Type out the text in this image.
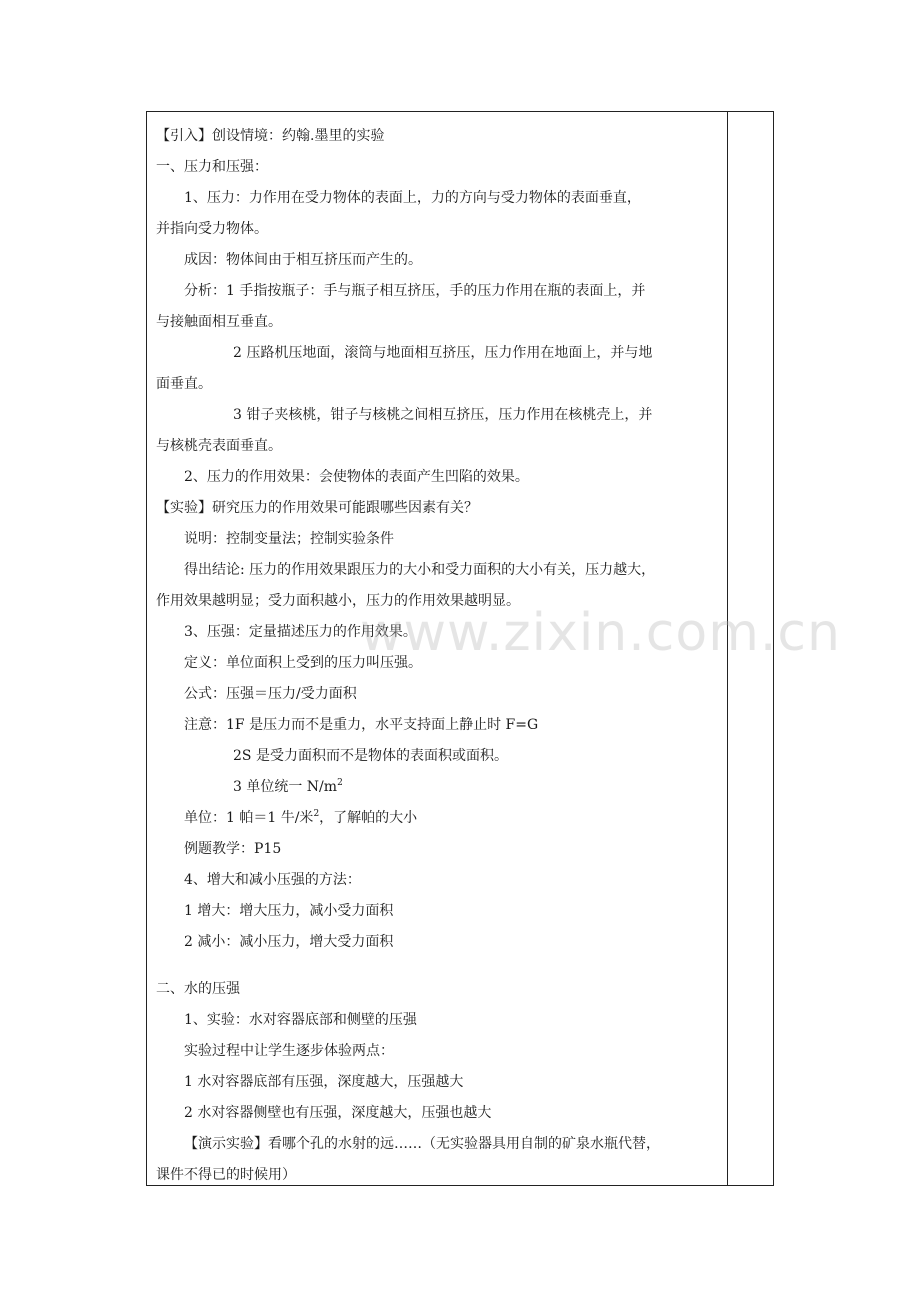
【引入】创设情境：约翰.墨里的实验

一、压力和压强：

1、压力：力作用在受力物体的表面上，力的方向与受力物体的表面垂直，

并指向受力物体。

成因：物体间由于相互挤压而产生的。

分析：1 手指按瓶子：手与瓶子相互挤压，手的压力作用在瓶的表面上，并

与接触面相互垂直。

2 压路机压地面，滚筒与地面相互挤压，压力作用在地面上，并与地

面垂直。

3 钳子夹核桃，钳子与核桃之间相互挤压，压力作用在核桃壳上，并

与核桃壳表面垂直。

2、压力的作用效果：会使物体的表面产生凹陷的效果。

【实验】研究压力的作用效果可能跟哪些因素有关？

说明：控制变量法；控制实验条件

得出结论: 压力的作用效果跟压力的大小和受力面积的大小有关，压力越大，

作用效果越明显；受力面积越小，压力的作用效果越明显。

3、压强：定量描述压力的作用效果。

定义：单位面积上受到的压力叫压强。

公式：压强＝压力/受力面积

注意：1F 是压力而不是重力，水平支持面上静止时 F=G

2S 是受力面积而不是物体的表面积或面积。

3 单位统一 $N/m^2$

单位：1 帕＝1 牛/米$^2$，了解帕的大小

例题教学：P15

4、增大和减小压强的方法：

1 增大：增大压力，减小受力面积

2 减小：减小压力，增大受力面积

二、水的压强

1、实验：水对容器底部和侧壁的压强

实验过程中让学生逐步体验两点：

1 水对容器底部有压强，深度越大，压强越大

2 水对容器侧壁也有压强，深度越大，压强也越大

【演示实验】看哪个孔的水射的远……（无实验器具用自制的矿泉水瓶代替，

课件不得已的时候用）

www.zixin.com.cn
